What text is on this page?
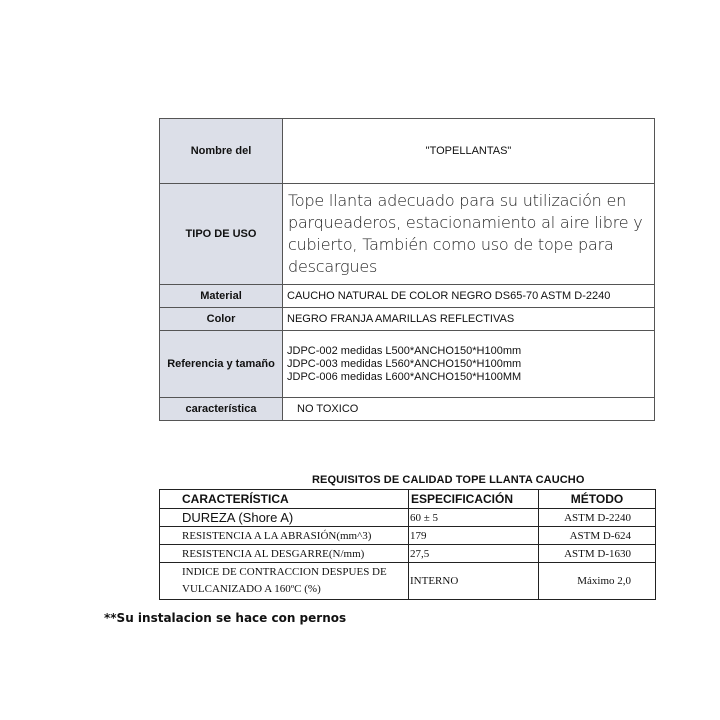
Nombre del	"TOPELLANTAS"
TIPO DE USO	Tope llanta adecuado para su utilización en parqueaderos, estacionamiento al aire libre y cubierto, También como uso de tope para descargues
Material	CAUCHO NATURAL DE COLOR NEGRO DS65-70 ASTM D-2240
Color	NEGRO FRANJA AMARILLAS REFLECTIVAS
Referencia y tamaño	JDPC-002 medidas L500*ANCHO150*H100mm
JDPC-003 medidas L560*ANCHO150*H100mm
JDPC-006 medidas L600*ANCHO150*H100MM

característica	NO TOXICO
REQUISITOS DE CALIDAD TOPE LLANTA CAUCHO
CARACTERÍSTICA	ESPECIFICACIÓN	MÉTODO
DUREZA (Shore A)	60 ± 5	ASTM D-2240
RESISTENCIA A LA ABRASIÓN(mm^3)	179	ASTM D-624
RESISTENCIA AL DESGARRE(N/mm)	27,5	ASTM D-1630

INDICE DE CONTRACCION DESPUES DE
VULCANIZADO A 160ºC (%)	INTERNO	Máximo 2,0
**Su instalacion se hace con pernos
